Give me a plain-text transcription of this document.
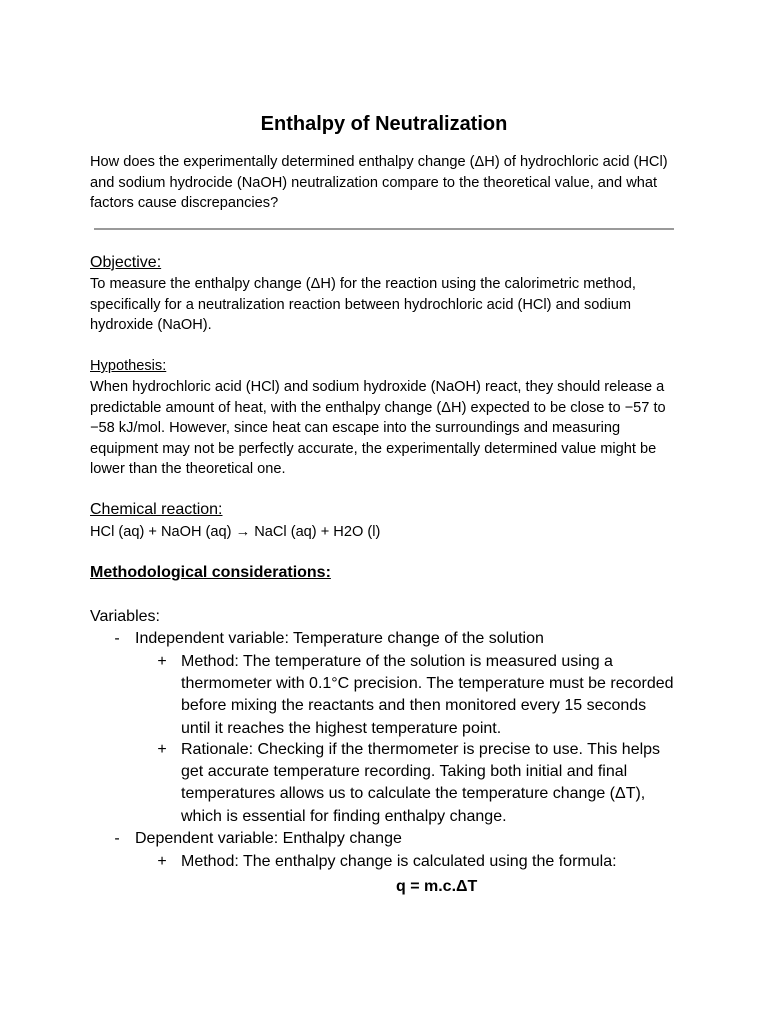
Enthalpy of Neutralization
How does the experimentally determined enthalpy change (ΔH) of hydrochloric acid (HCl) and sodium hydrocide (NaOH) neutralization compare to the theoretical value, and what factors cause discrepancies?
Objective:
To measure the enthalpy change (ΔH) for the reaction using the calorimetric method, specifically for a neutralization reaction between hydrochloric acid (HCl) and sodium hydroxide (NaOH).
Hypothesis:
When hydrochloric acid (HCl) and sodium hydroxide (NaOH) react, they should release a predictable amount of heat, with the enthalpy change (ΔH) expected to be close to −57 to −58 kJ/mol. However, since heat can escape into the surroundings and measuring equipment may not be perfectly accurate, the experimentally determined value might be lower than the theoretical one.
Chemical reaction:
HCl (aq) + NaOH (aq) → NaCl (aq) + H2O (l)
Methodological considerations:
Variables:
- Independent variable: Temperature change of the solution
+ Method: The temperature of the solution is measured using a thermometer with 0.1°C precision. The temperature must be recorded before mixing the reactants and then monitored every 15 seconds until it reaches the highest temperature point.
+ Rationale: Checking if the thermometer is precise to use. This helps get accurate temperature recording. Taking both initial and final temperatures allows us to calculate the temperature change (ΔT), which is essential for finding enthalpy change.
- Dependent variable: Enthalpy change
+ Method: The enthalpy change is calculated using the formula:
q = m.c.ΔT
